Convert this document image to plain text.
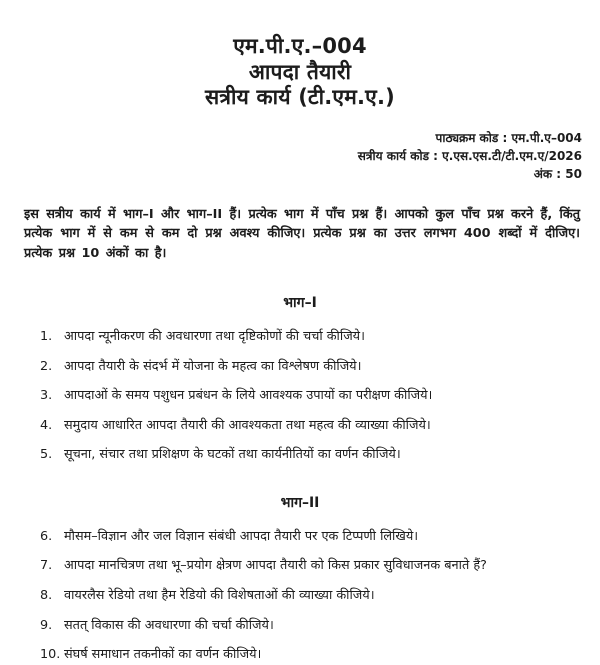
एम.पी.ए.–004
आपदा तैयारी
सत्रीय कार्य (टी.एम.ए.)
पाठ्यक्रम कोड : एम.पी.ए–004
सत्रीय कार्य कोड : ए.एस.एस.टी/टी.एम.ए/2026
अंक : 50
इस सत्रीय कार्य में भाग–I और भाग–II हैं। प्रत्येक भाग में पाँच प्रश्न हैं। आपको कुल पाँच प्रश्न करने हैं, किंतु प्रत्येक भाग में से कम से कम दो प्रश्न अवश्य कीजिए। प्रत्येक प्रश्न का उत्तर लगभग 400 शब्दों में दीजिए। प्रत्येक प्रश्न 10 अंकों का है।
भाग–I
1. आपदा न्यूनीकरण की अवधारणा तथा दृष्टिकोणों की चर्चा कीजिये।
2. आपदा तैयारी के संदर्भ में योजना के महत्व का विश्लेषण कीजिये।
3. आपदाओं के समय पशुधन प्रबंधन के लिये आवश्यक उपायों का परीक्षण कीजिये।
4. समुदाय आधारित आपदा तैयारी की आवश्यकता तथा महत्व की व्याख्या कीजिये।
5. सूचना, संचार तथा प्रशिक्षण के घटकों तथा कार्यनीतियों का वर्णन कीजिये।
भाग–II
6. मौसम–विज्ञान और जल विज्ञान संबंधी आपदा तैयारी पर एक टिप्पणी लिखिये।
7. आपदा मानचित्रण तथा भू–प्रयोग क्षेत्रण आपदा तैयारी को किस प्रकार सुविधाजनक बनाते हैं?
8. वायरलैस रेडियो तथा हैम रेडियो की विशेषताओं की व्याख्या कीजिये।
9. सतत् विकास की अवधारणा की चर्चा कीजिये।
10. संघर्ष समाधान तकनीकों का वर्णन कीजिये।
